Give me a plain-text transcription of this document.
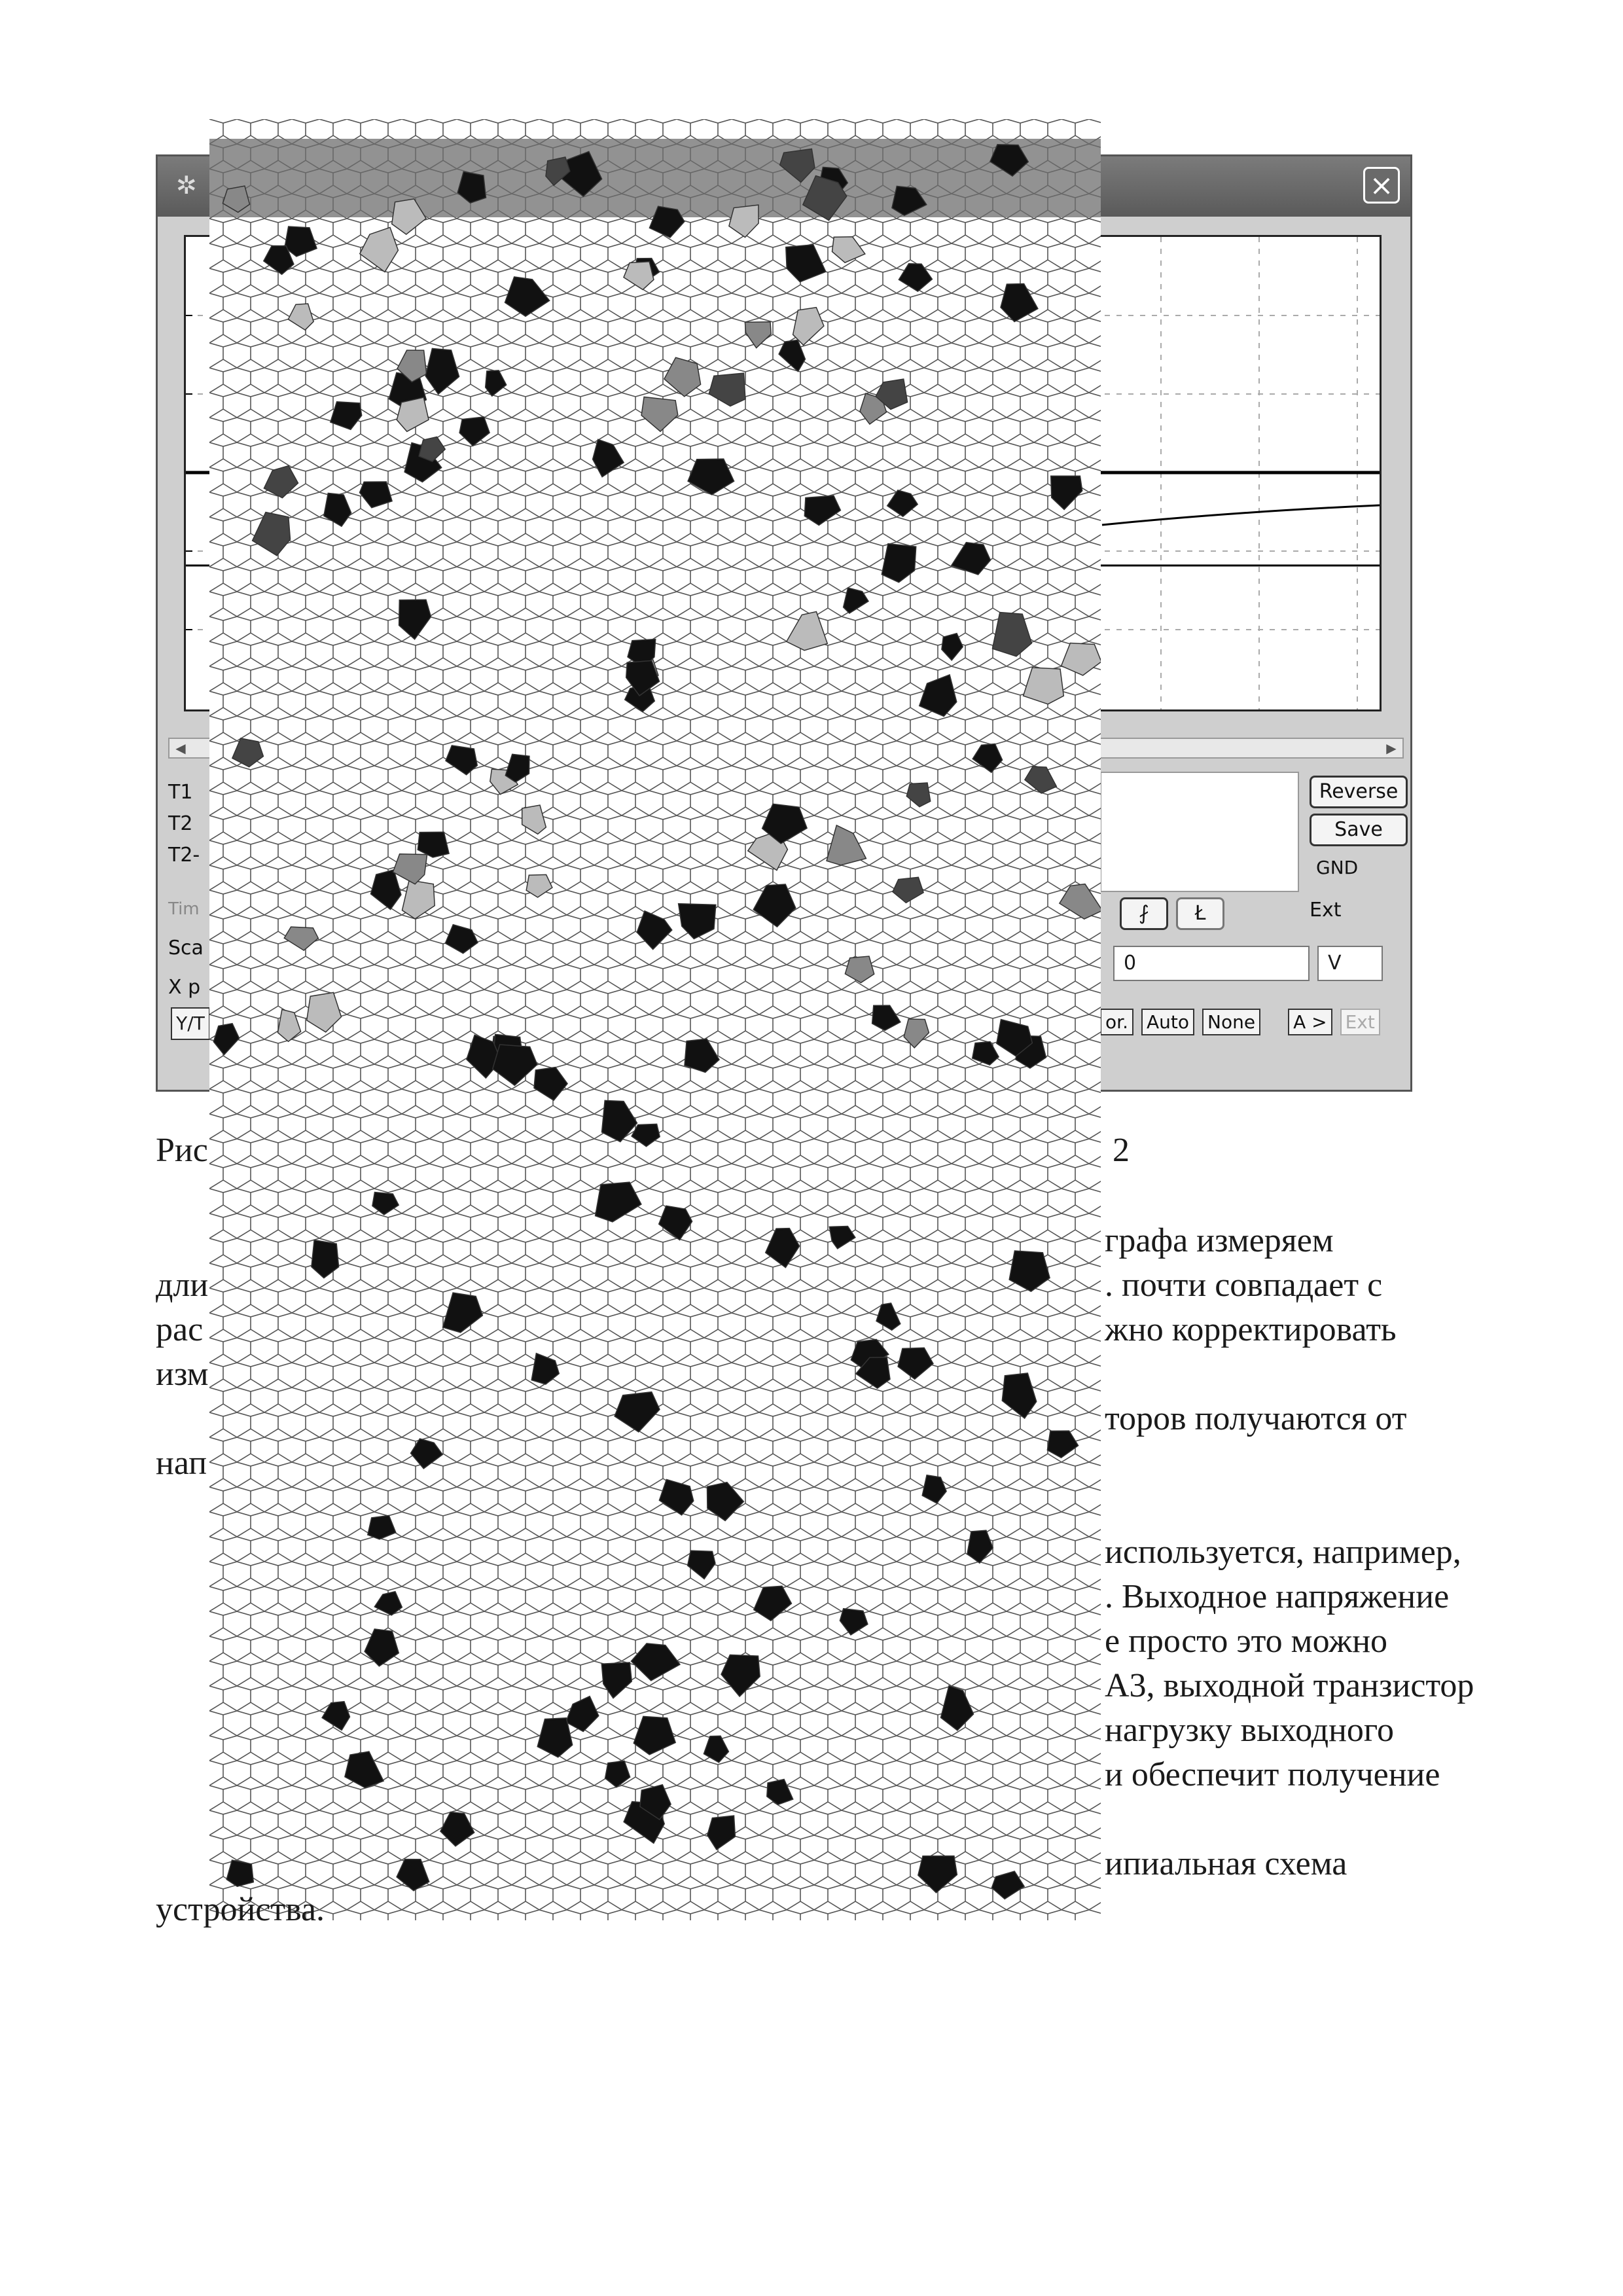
✲	×
◀	▶
T1
T2
T2-
Tim
Sca
X p
Y/T
Reverse
Save
GND
⨏	Ł	Ext
0	V
or. Auto None A > Ext
Рис	2
графа измеряем
дли	. почти совпадает с
рас	жно корректировать
изм
торов получаются от
нап
используется, например,
. Выходное напряжение
е просто это можно
А3, выходной транзистор
нагрузку выходного
и обеспечит получение
ипиальная схема
устройства.
